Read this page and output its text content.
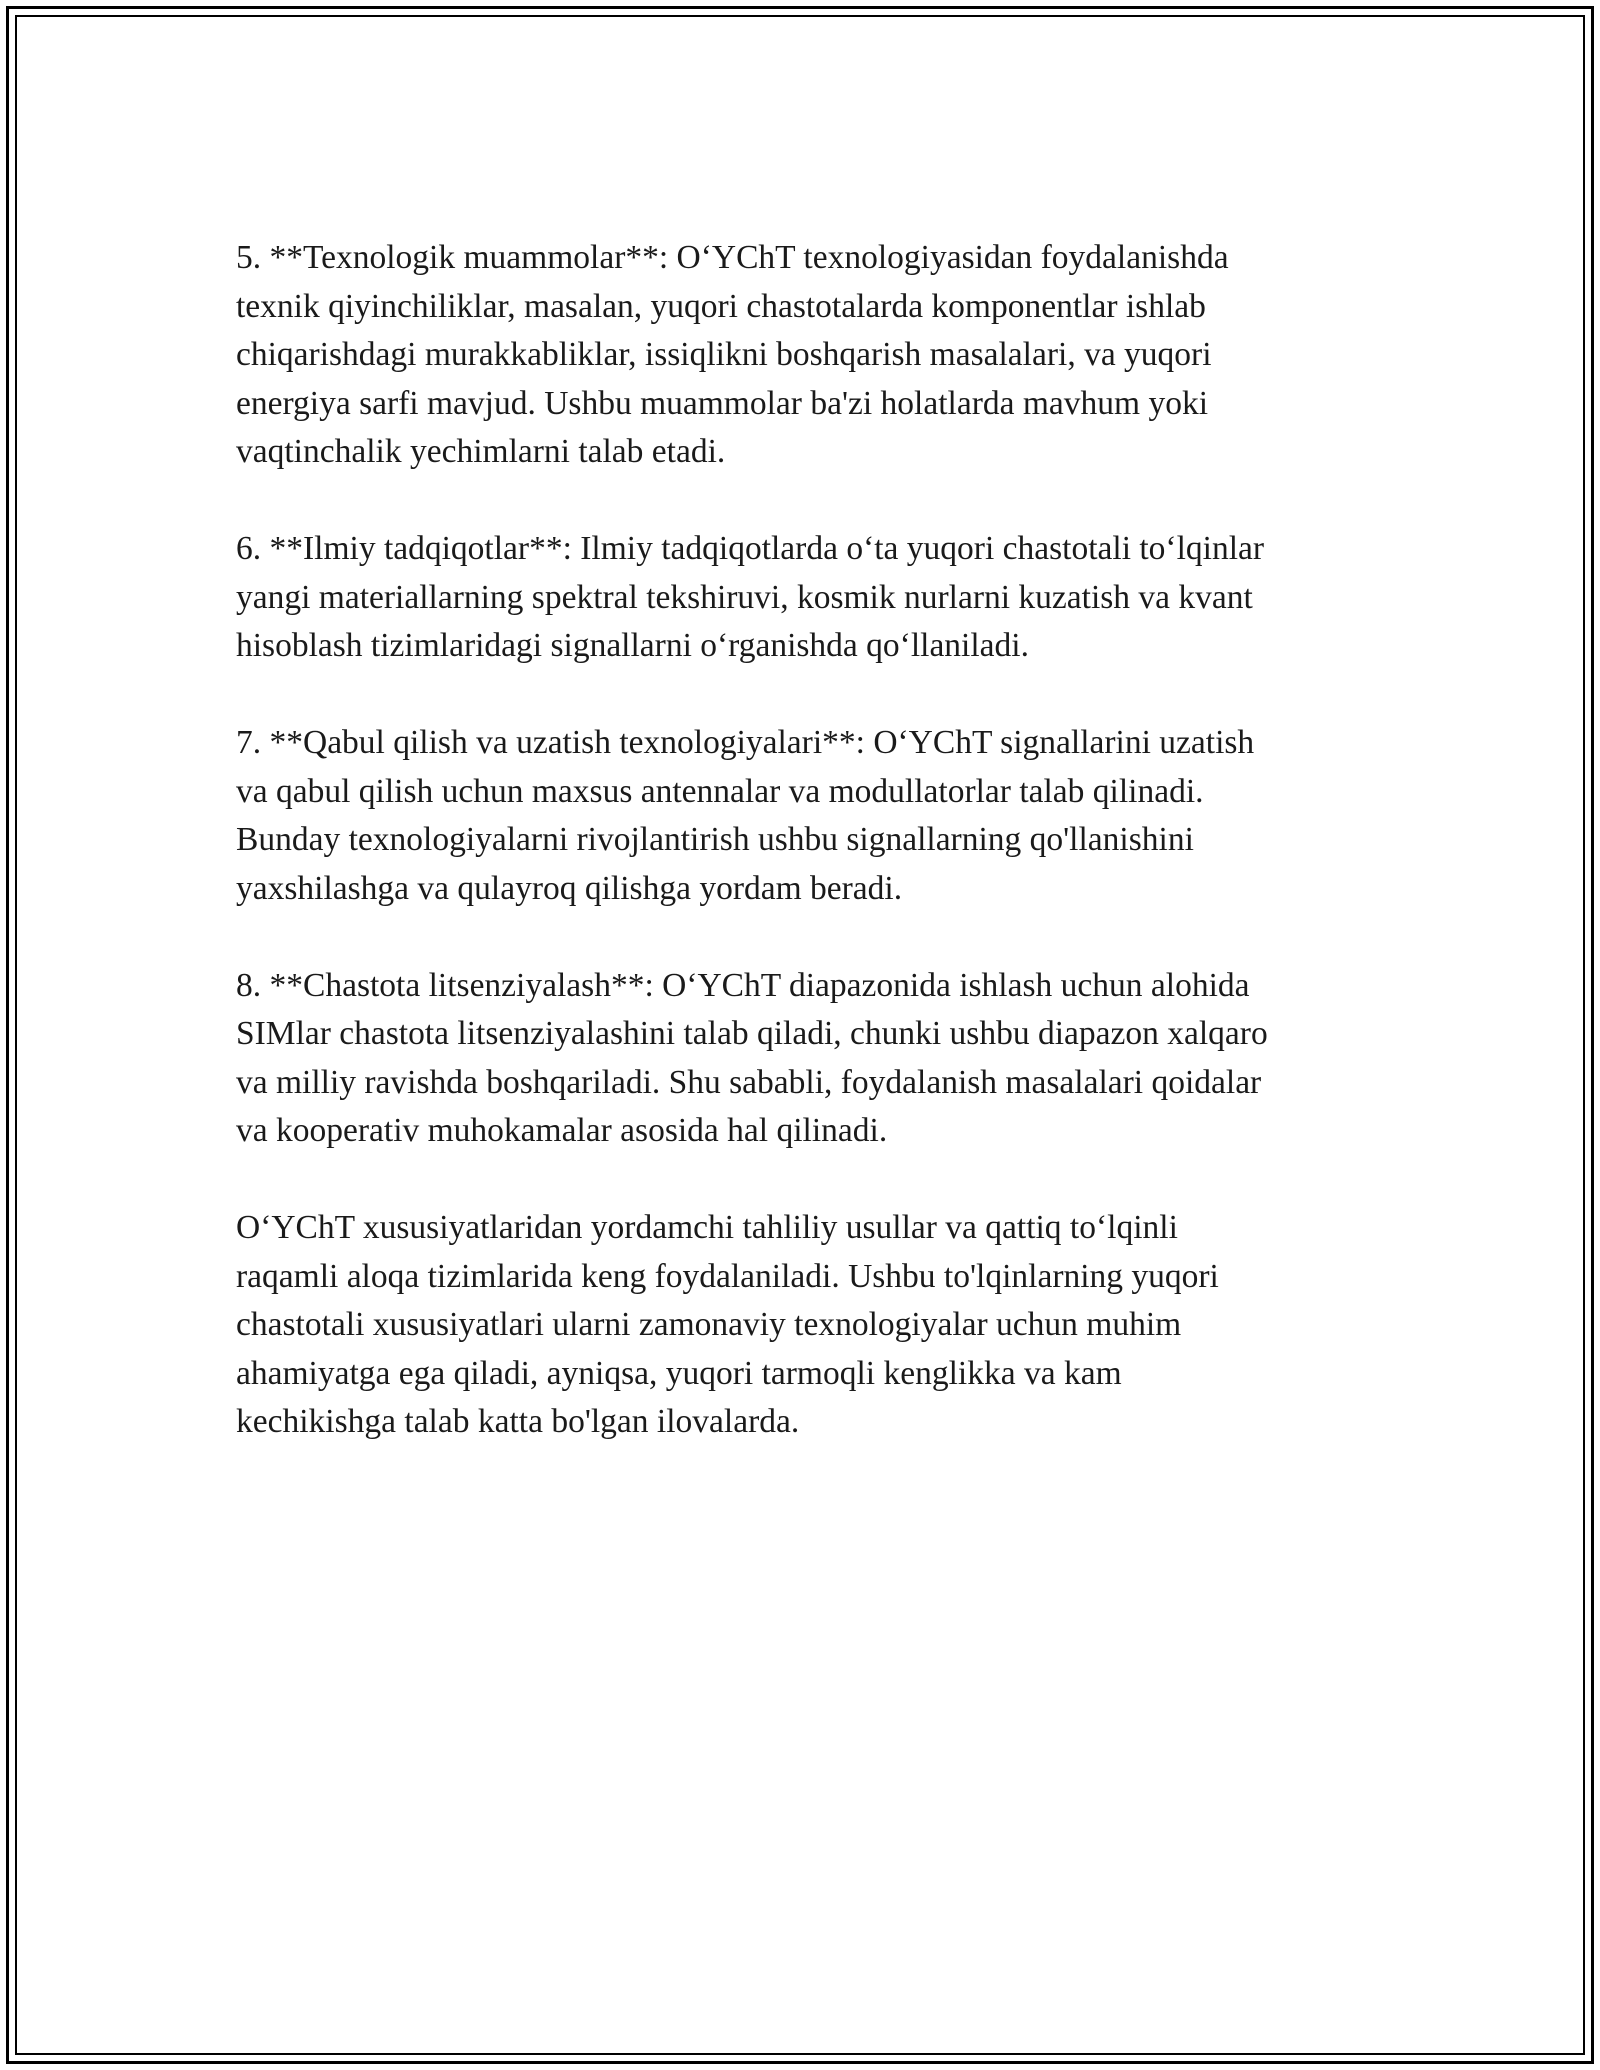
5. **Texnologik muammolar**: O‘YChT texnologiyasidan foydalanishda
texnik qiyinchiliklar, masalan, yuqori chastotalarda komponentlar ishlab
chiqarishdagi murakkabliklar, issiqlikni boshqarish masalalari, va yuqori
energiya sarfi mavjud. Ushbu muammolar ba'zi holatlarda mavhum yoki
vaqtinchalik yechimlarni talab etadi.

6. **Ilmiy tadqiqotlar**: Ilmiy tadqiqotlarda o‘ta yuqori chastotali to‘lqinlar
yangi materiallarning spektral tekshiruvi, kosmik nurlarni kuzatish va kvant
hisoblash tizimlaridagi signallarni o‘rganishda qo‘llaniladi.

7. **Qabul qilish va uzatish texnologiyalari**: O‘YChT signallarini uzatish
va qabul qilish uchun maxsus antennalar va modullatorlar talab qilinadi.
Bunday texnologiyalarni rivojlantirish ushbu signallarning qo'llanishini
yaxshilashga va qulayroq qilishga yordam beradi.

8. **Chastota litsenziyalash**: O‘YChT diapazonida ishlash uchun alohida
SIMlar chastota litsenziyalashini talab qiladi, chunki ushbu diapazon xalqaro
va milliy ravishda boshqariladi. Shu sababli, foydalanish masalalari qoidalar
va kooperativ muhokamalar asosida hal qilinadi.

O‘YChT xususiyatlaridan yordamchi tahliliy usullar va qattiq to‘lqinli
raqamli aloqa tizimlarida keng foydalaniladi. Ushbu to'lqinlarning yuqori
chastotali xususiyatlari ularni zamonaviy texnologiyalar uchun muhim
ahamiyatga ega qiladi, ayniqsa, yuqori tarmoqli kenglikka va kam
kechikishga talab katta bo'lgan ilovalarda.
